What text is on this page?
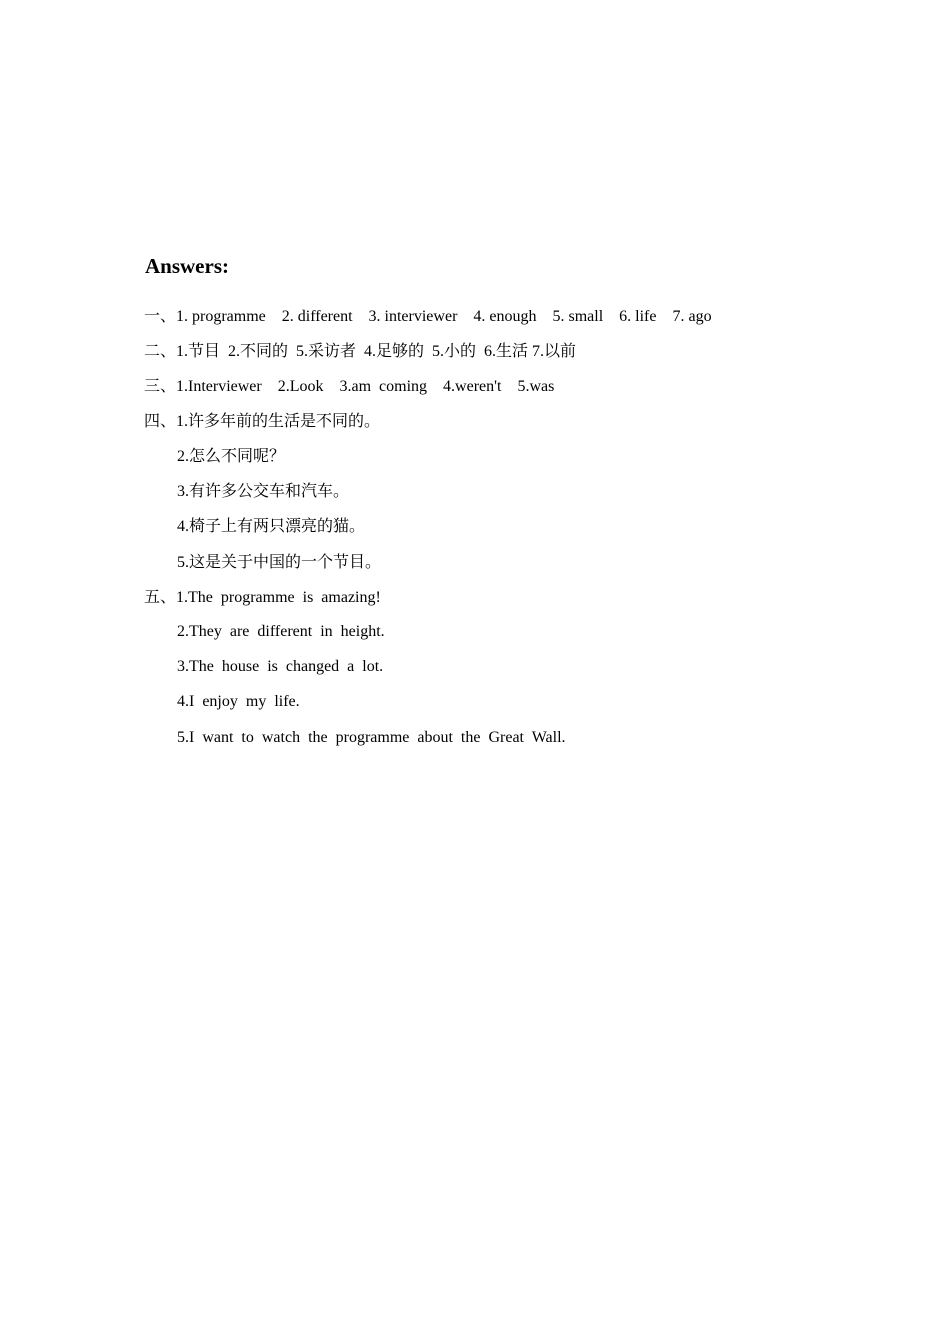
Answers:
一、1. programme    2. different    3. interviewer    4. enough    5. small    6. life    7. ago
二、1.节目  2.不同的  5.采访者  4.足够的  5.小的  6.生活 7.以前
三、1.Interviewer    2.Look    3.am  coming    4.weren't    5.was
四、1.许多年前的生活是不同的。
2.怎么不同呢？
3.有许多公交车和汽车。
4.椅子上有两只漂亮的猫。
5.这是关于中国的一个节目。
五、1.The  programme  is  amazing!
2.They  are  different  in  height.
3.The  house  is  changed  a  lot.
4.I  enjoy  my  life.
5.I  want  to  watch  the  programme  about  the  Great  Wall.
